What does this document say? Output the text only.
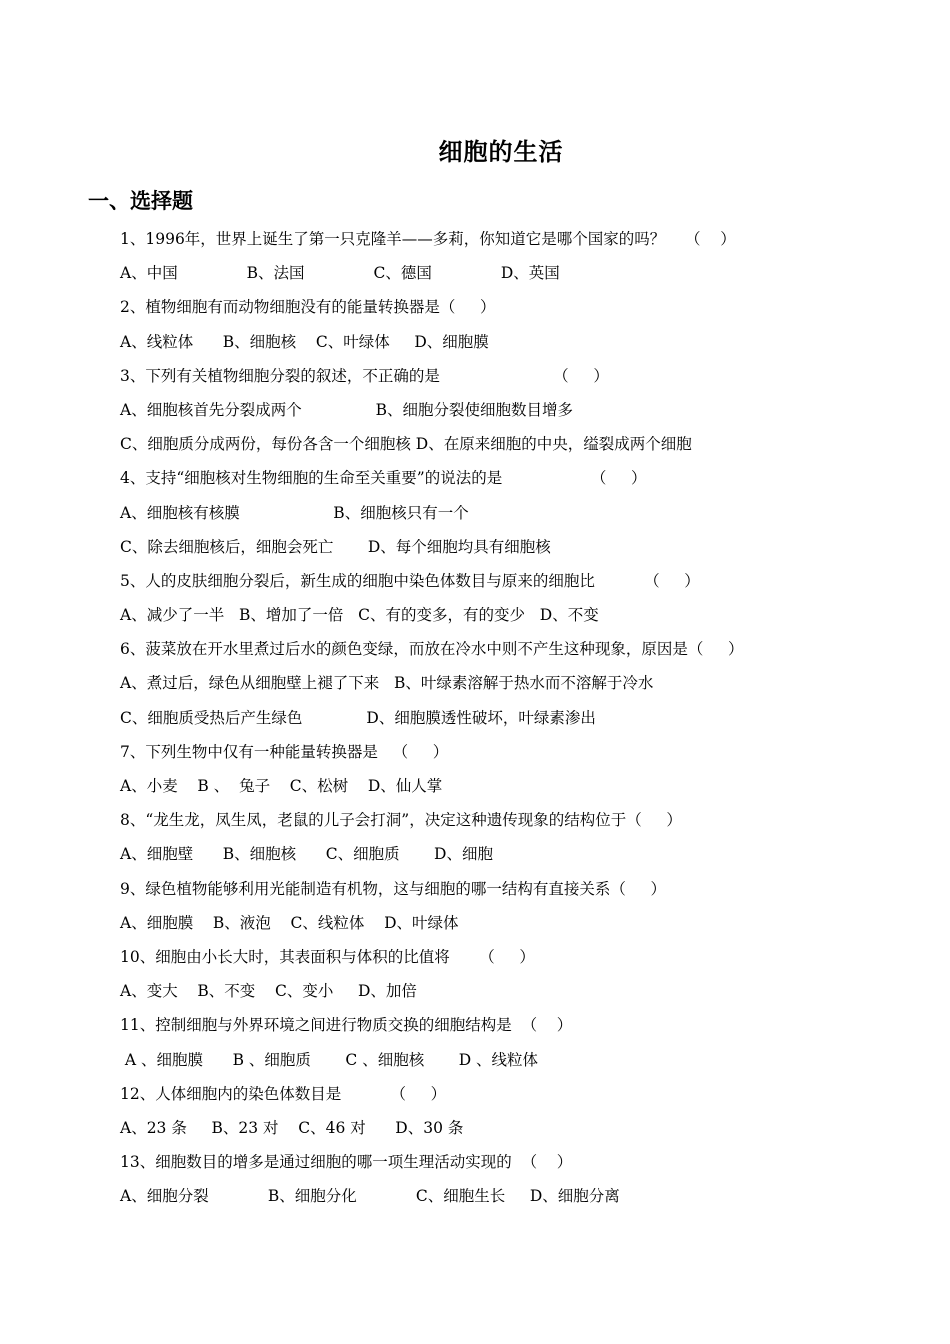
细胞的生活
一、选择题
1、1996年，世界上诞生了第一只克隆羊——多莉，你知道它是哪个国家的吗？    （    ）
A、中国              B、法国              C、德国              D、英国
2、植物细胞有而动物细胞没有的能量转换器是（     ）
A、线粒体      B、细胞核    C、叶绿体     D、细胞膜
3、下列有关植物细胞分裂的叙述，不正确的是                       （     ）
A、细胞核首先分裂成两个               B、细胞分裂使细胞数目增多
C、细胞质分成两份，每份各含一个细胞核 D、在原来细胞的中央，缢裂成两个细胞
4、支持“细胞核对生物细胞的生命至关重要”的说法的是                  （     ）
A、细胞核有核膜                   B、细胞核只有一个
C、除去细胞核后，细胞会死亡       D、每个细胞均具有细胞核
5、人的皮肤细胞分裂后，新生成的细胞中染色体数目与原来的细胞比          （     ）
A、减少了一半   B、增加了一倍   C、有的变多，有的变少   D、不变
6、菠菜放在开水里煮过后水的颜色变绿，而放在冷水中则不产生这种现象，原因是（     ）
A、煮过后，绿色从细胞壁上褪了下来   B、叶绿素溶解于热水而不溶解于冷水
C、细胞质受热后产生绿色             D、细胞膜透性破坏，叶绿素渗出
7、下列生物中仅有一种能量转换器是   （     ）
A、小麦    B 、  兔子    C、松树    D、仙人掌
8、“龙生龙，凤生凤，老鼠的儿子会打洞”，决定这种遗传现象的结构位于（     ）
A、细胞壁      B、细胞核      C、细胞质       D、细胞
9、绿色植物能够利用光能制造有机物，这与细胞的哪一结构有直接关系（     ）
A、细胞膜    B、液泡    C、线粒体    D、叶绿体
10、细胞由小长大时，其表面积与体积的比值将      （     ）
A、变大    B、不变    C、变小     D、加倍
11、控制细胞与外界环境之间进行物质交换的细胞结构是  （    ）
A 、细胞膜      B 、细胞质       C 、细胞核       D 、线粒体
12、人体细胞内的染色体数目是          （     ）
A、23 条     B、23 对    C、46 对      D、30 条
13、细胞数目的增多是通过细胞的哪一项生理活动实现的  （    ）
A、细胞分裂            B、细胞分化            C、细胞生长     D、细胞分离
